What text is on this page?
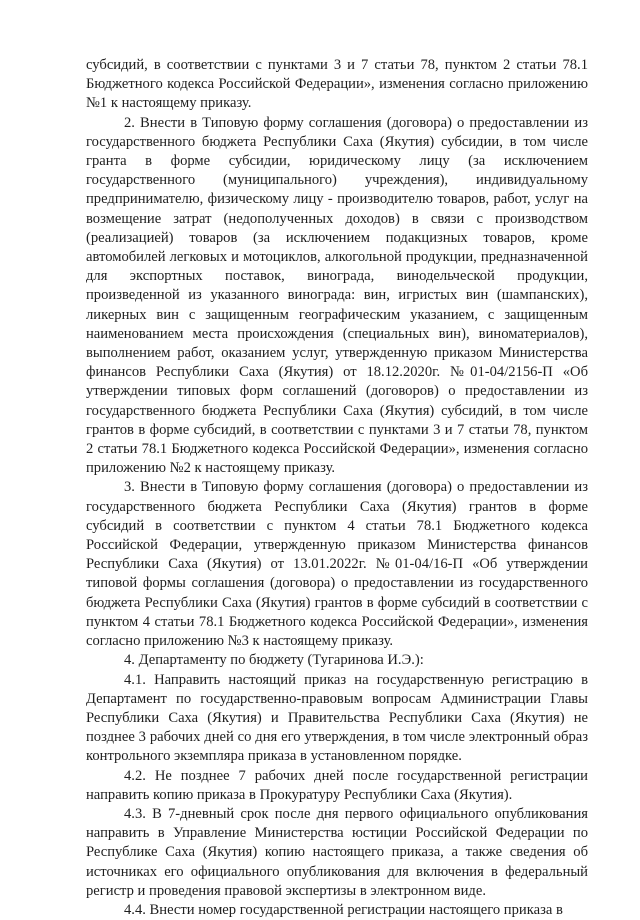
субсидий, в соответствии с пунктами 3 и 7 статьи 78, пунктом 2 статьи 78.1 Бюджетного кодекса Российской Федерации», изменения согласно приложению №1 к настоящему приказу.

2. Внести в Типовую форму соглашения (договора) о предоставлении из государственного бюджета Республики Саха (Якутия) субсидии, в том числе гранта в форме субсидии, юридическому лицу (за исключением государственного (муниципального) учреждения), индивидуальному предпринимателю, физическому лицу - производителю товаров, работ, услуг на возмещение затрат (недополученных доходов) в связи с производством (реализацией) товаров (за исключением подакцизных товаров, кроме автомобилей легковых и мотоциклов, алкогольной продукции, предназначенной для экспортных поставок, винограда, винодельческой продукции, произведенной из указанного винограда: вин, игристых вин (шампанских), ликерных вин с защищенным географическим указанием, с защищенным наименованием места происхождения (специальных вин), виноматериалов), выполнением работ, оказанием услуг, утвержденную приказом Министерства финансов Республики Саха (Якутия) от 18.12.2020г. №01-04/2156-П «Об утверждении типовых форм соглашений (договоров) о предоставлении из государственного бюджета Республики Саха (Якутия) субсидий, в том числе грантов в форме субсидий, в соответствии с пунктами 3 и 7 статьи 78, пунктом 2 статьи 78.1 Бюджетного кодекса Российской Федерации», изменения согласно приложению №2 к настоящему приказу.

3. Внести в Типовую форму соглашения (договора) о предоставлении из государственного бюджета Республики Саха (Якутия) грантов в форме субсидий в соответствии с пунктом 4 статьи 78.1 Бюджетного кодекса Российской Федерации, утвержденную приказом Министерства финансов Республики Саха (Якутия) от 13.01.2022г. №01-04/16-П «Об утверждении типовой формы соглашения (договора) о предоставлении из государственного бюджета Республики Саха (Якутия) грантов в форме субсидий в соответствии с пунктом 4 статьи 78.1 Бюджетного кодекса Российской Федерации», изменения согласно приложению №3 к настоящему приказу.

4. Департаменту по бюджету (Тугаринова И.Э.):

4.1. Направить настоящий приказ на государственную регистрацию в Департамент по государственно-правовым вопросам Администрации Главы Республики Саха (Якутия) и Правительства Республики Саха (Якутия) не позднее 3 рабочих дней со дня его утверждения, в том числе электронный образ контрольного экземпляра приказа в установленном порядке.

4.2. Не позднее 7 рабочих дней после государственной регистрации направить копию приказа в Прокуратуру Республики Саха (Якутия).

4.3. В 7-дневный срок после дня первого официального опубликования направить в Управление Министерства юстиции Российской Федерации по Республике Саха (Якутия) копию настоящего приказа, а также сведения об источниках его официального опубликования для включения в федеральный регистр и проведения правовой экспертизы в электронном виде.

4.4. Внести номер государственной регистрации настоящего приказа в
